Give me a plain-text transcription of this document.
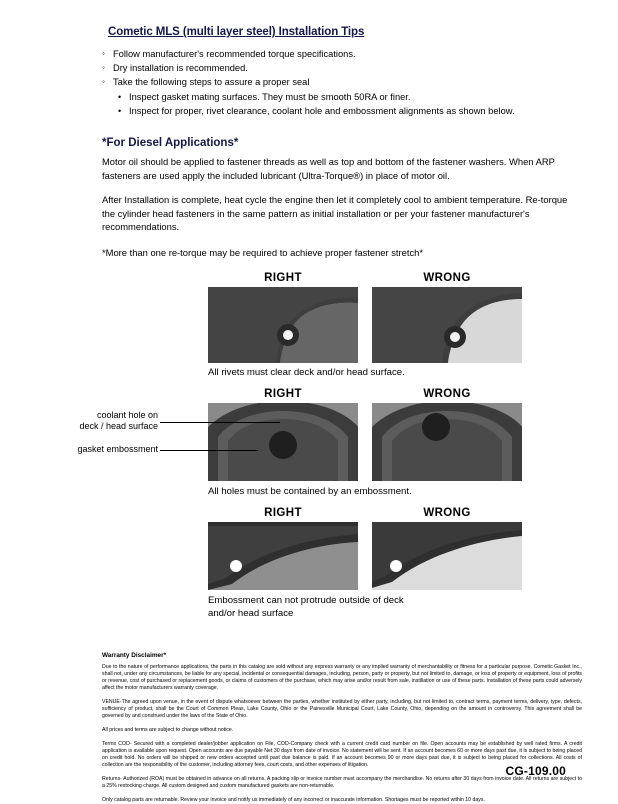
Cometic MLS (multi layer steel) Installation Tips
◦ Follow manufacturer's recommended torque specifications.
◦ Dry installation is recommended.
◦ Take the following steps to assure a proper seal
• Inspect gasket mating surfaces. They must be smooth 50RA or finer.
• Inspect for proper, rivet clearance, coolant hole and embossment alignments as shown below.
*For Diesel Applications*

Motor oil should be applied to fastener threads as well as top and bottom of the fastener washers. When ARP fasteners are used apply the included lubricant (Ultra-Torque®) in place of motor oil.

After Installation is complete, heat cycle the engine then let it completely cool to ambient temperature. Re-torque the cylinder head fasteners in the same pattern as initial installation or per your fastener manufacturer's recommendations.

*More than one re-torque may be required to achieve proper fastener stretch*

RIGHT	WRONG
All rivets must clear deck and/or head surface.
RIGHT	WRONG
coolant hole on
deck / head surface
gasket embossment
All holes must be contained by an embossment.
RIGHT	WRONG
Embossment can not protrude outside of deck
and/or head surface
Warranty Disclaimer*

Due to the nature of performance applications, the parts in this catalog are sold without any express warranty or any implied warranty of merchantability or fitness for a particular purpose. Cometic Gasket Inc., shall not, under any circumstances, be liable for any special, incidental or consequential damages, including, person, party or property, but not limited to, damage, or loss of property or equipment, loss of profits or revenue, cost of purchased or replacement goods, or claims of customers of the purchase, which may arise and/or result from sale, instillation or use of these parts. Installation of these parts could adversely affect the motor manufacturers warranty coverage.

VENUE-The agreed upon venue, in the event of dispute whatsoever between the parties, whether instituted by either party, including, but not limited to, contract terms, payment terms, delivery, type, defects, sufficiency of product, shall be the Court of Common Pleas, Lake County, Ohio or the Painesville Municipal Court, Lake County, Ohio, depending on the amount in controversy. This agreement shall be governed by and construed under the laws of the State of Ohio.

All prices and terms are subject to change without notice.

Terms COD- Secured with a completed dealer/jobber application on File, COD-Company check with a current credit card number on file. Open accounts may be established by well rated firms. A credit application is available upon request. Open accounts are due payable Net 30 days from date of invoice. No statement will be sent. If an account becomes 60 or more days past due, it is subject to being placed on credit hold. No orders will be shipped or new orders accepted until past due balance is paid. If an account becomes 90 or more days past due, it is subject to being placed for collections. All costs of collection are the responsibility of the customer, including attorney fees, court costs, and other expenses of litigation.

Returns- Authorized (ROA) must be obtained in advance on all returns. A packing slip or invoice number must accompany the merchandise. No returns after 30 days from invoice date. All returns are subject to a 25% restocking charge. All custom designed and custom manufactured gaskets are non-returnable.

Only catalog parts are returnable. Review your invoice and notify us immediately of any incorrect or inaccurate information. Shortages must be reported within 10 days.

CG-109.00
